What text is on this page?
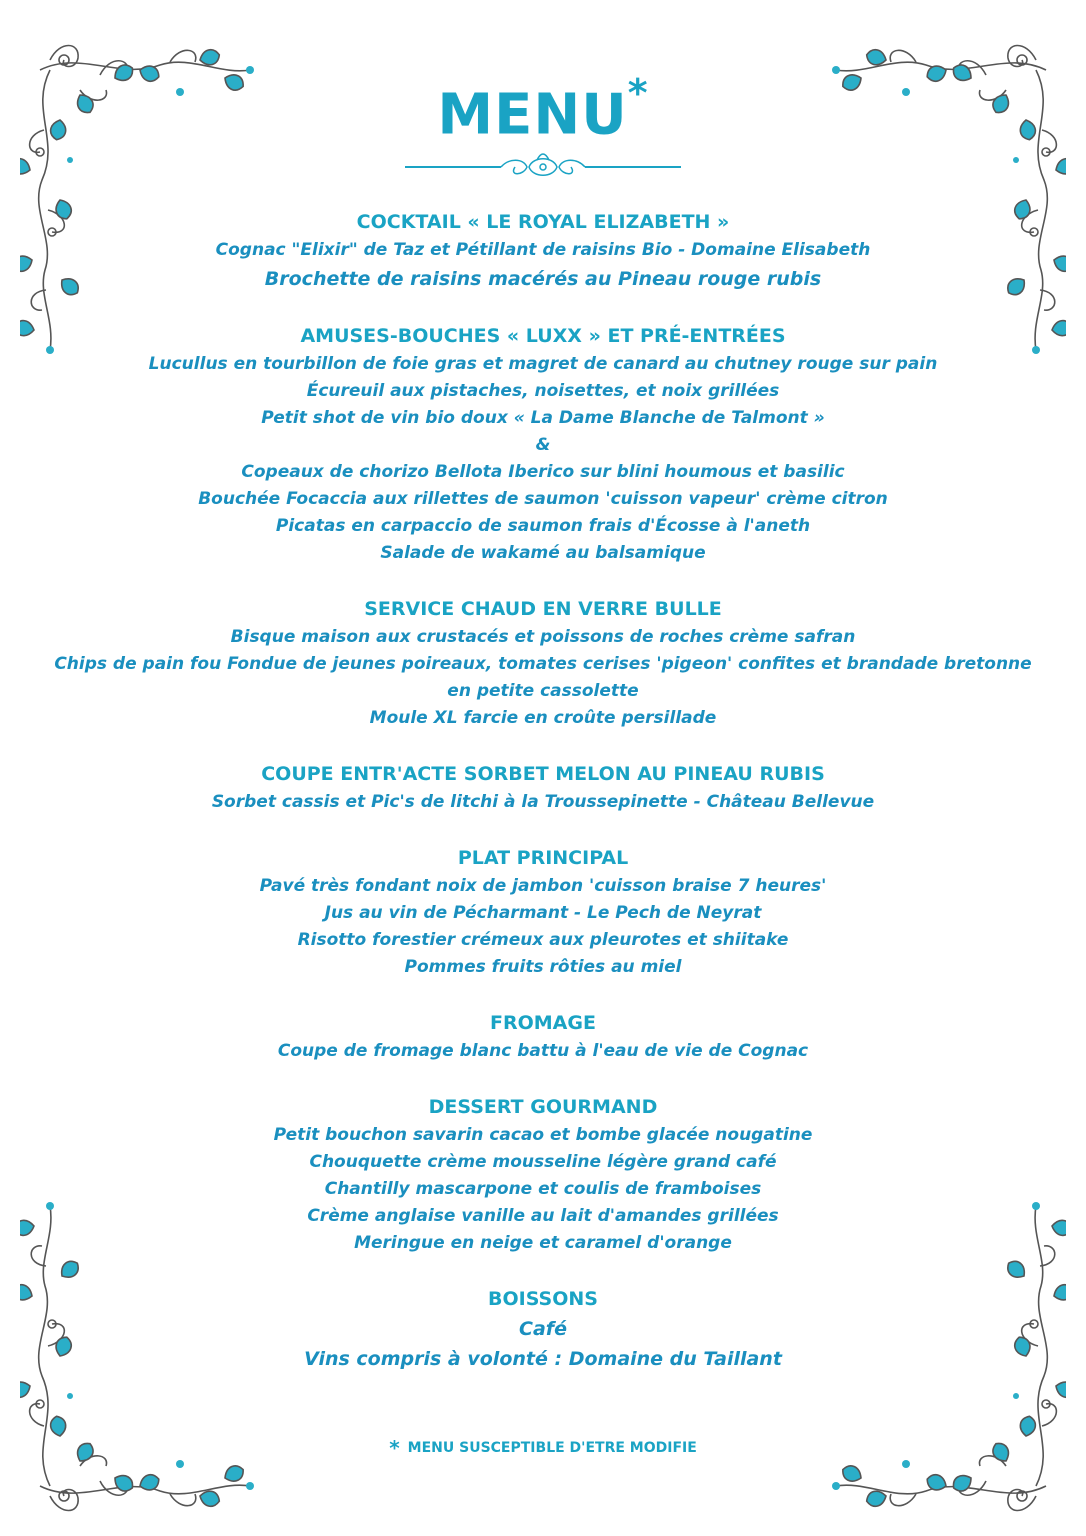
MENU*
COCKTAIL « LE ROYAL ELIZABETH »
Cognac "Elixir" de Taz et Pétillant de raisins Bio - Domaine Elisabeth
Brochette de raisins macérés au Pineau rouge rubis
AMUSES-BOUCHES « LUXX » ET PRÉ-ENTRÉES
Lucullus en tourbillon de foie gras et magret de canard au chutney rouge sur pain
Écureuil aux pistaches, noisettes, et noix grillées
Petit shot de vin bio doux « La Dame Blanche de Talmont »
&
Copeaux de chorizo Bellota Iberico sur blini houmous et basilic
Bouchée Focaccia aux rillettes de saumon 'cuisson vapeur' crème citron
Picatas en carpaccio de saumon frais d'Écosse à l'aneth
Salade de wakamé au balsamique
SERVICE CHAUD EN VERRE BULLE
Bisque maison aux crustacés et poissons de roches crème safran
Chips de pain fou Fondue de jeunes poireaux, tomates cerises 'pigeon' confites et brandade bretonne
en petite cassolette
Moule XL farcie en croûte persillade
COUPE ENTR'ACTE SORBET MELON AU PINEAU RUBIS
Sorbet cassis et Pic's de litchi à la Troussepinette - Château Bellevue
PLAT PRINCIPAL
Pavé très fondant noix de jambon 'cuisson braise 7 heures'
Jus au vin de Pécharmant - Le Pech de Neyrat
Risotto forestier crémeux aux pleurotes et shiitake
Pommes fruits rôties au miel
FROMAGE
Coupe de fromage blanc battu à l'eau de vie de Cognac
DESSERT GOURMAND
Petit bouchon savarin cacao et bombe glacée nougatine
Chouquette crème mousseline légère grand café
Chantilly mascarpone et coulis de framboises
Crème anglaise vanille au lait d'amandes grillées
Meringue en neige et caramel d'orange
BOISSONS
Café
Vins compris à volonté : Domaine du Taillant
* MENU SUSCEPTIBLE D'ETRE MODIFIE
